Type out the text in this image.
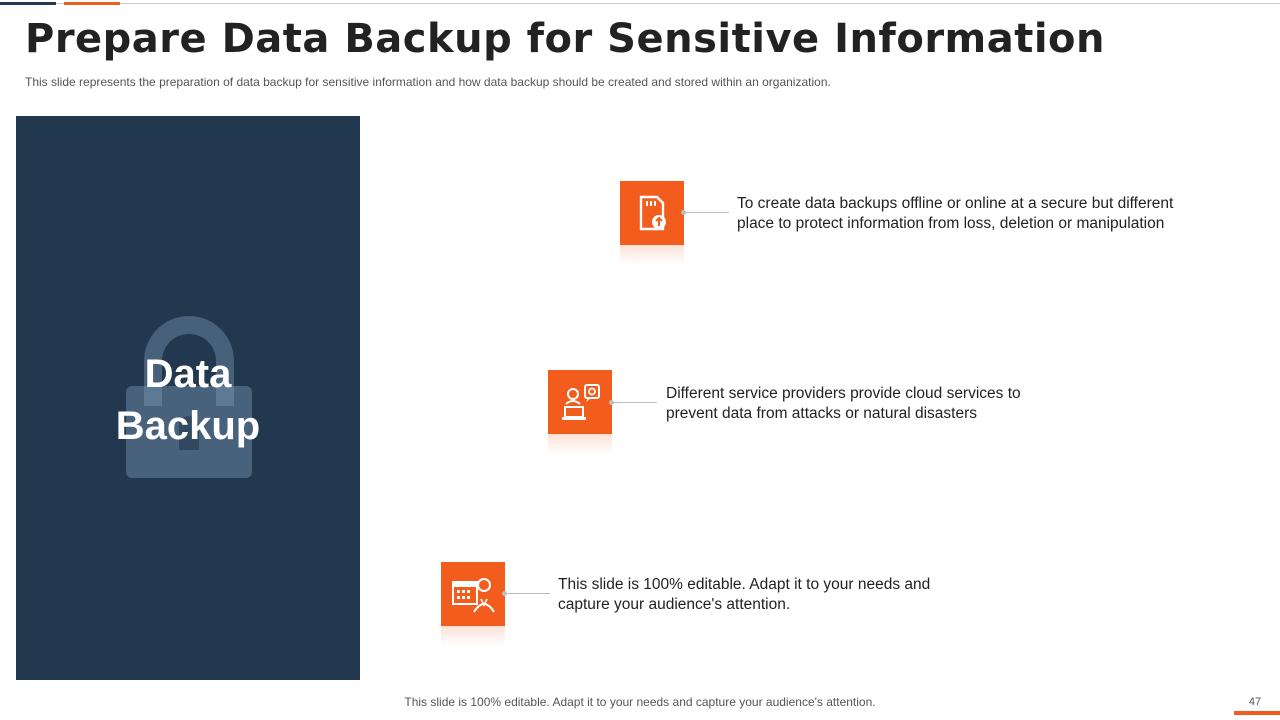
Prepare Data Backup for Sensitive Information
This slide represents the preparation of data backup for sensitive information and how data backup should be created and stored within an organization.

Data
Backup
To create data backups offline or online at a secure but different
place to protect information from loss, deletion or manipulation
Different service providers provide cloud services to
prevent data from attacks or natural disasters
This slide is 100% editable. Adapt it to your needs and
capture your audience's attention.
This slide is 100% editable. Adapt it to your needs and capture your audience's attention.	47
